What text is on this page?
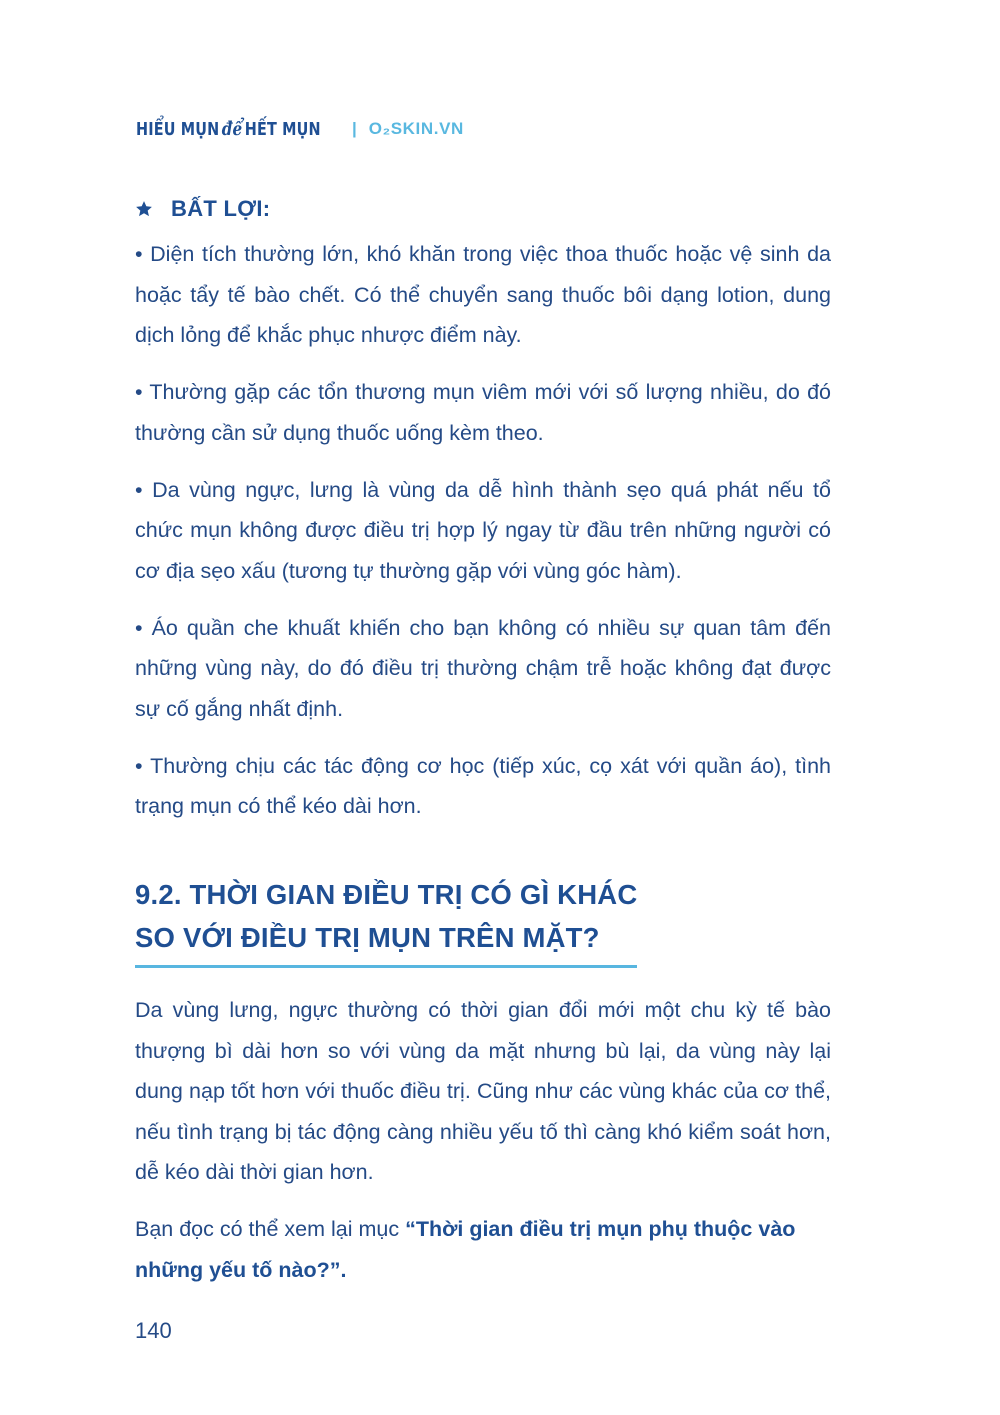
HIỂU MỤN để HẾT MỤN | O₂SKIN.VN
BẤT LỢI:

• Diện tích thường lớn, khó khăn trong việc thoa thuốc hoặc vệ sinh da hoặc tẩy tế bào chết. Có thể chuyển sang thuốc bôi dạng lotion, dung dịch lỏng để khắc phục nhược điểm này.

• Thường gặp các tổn thương mụn viêm mới với số lượng nhiều, do đó thường cần sử dụng thuốc uống kèm theo.

• Da vùng ngực, lưng là vùng da dễ hình thành sẹo quá phát nếu tổ chức mụn không được điều trị hợp lý ngay từ đầu trên những người có cơ địa sẹo xấu (tương tự thường gặp với vùng góc hàm).

• Áo quần che khuất khiến cho bạn không có nhiều sự quan tâm đến những vùng này, do đó điều trị thường chậm trễ hoặc không đạt được sự cố gắng nhất định.

• Thường chịu các tác động cơ học (tiếp xúc, cọ xát với quần áo), tình trạng mụn có thể kéo dài hơn.

9.2. THỜI GIAN ĐIỀU TRỊ CÓ GÌ KHÁC
SO VỚI ĐIỀU TRỊ MỤN TRÊN MẶT?

Da vùng lưng, ngực thường có thời gian đổi mới một chu kỳ tế bào thượng bì dài hơn so với vùng da mặt nhưng bù lại, da vùng này lại dung nạp tốt hơn với thuốc điều trị. Cũng như các vùng khác của cơ thể, nếu tình trạng bị tác động càng nhiều yếu tố thì càng khó kiểm soát hơn, dễ kéo dài thời gian hơn.

Bạn đọc có thể xem lại mục “Thời gian điều trị mụn phụ thuộc vào những yếu tố nào?”.

140
